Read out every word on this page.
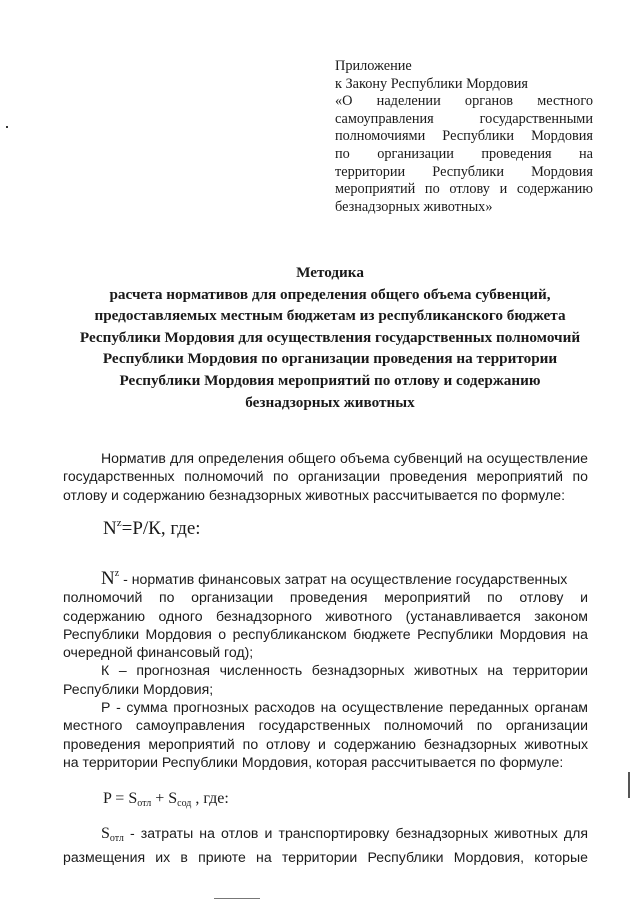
Приложение
к Закону Республики Мордовия
«О наделении органов местного
самоуправления государственными
полномочиями Республики Мордовия
по организации проведения на
территории Республики Мордовия
мероприятий по отлову и содержанию
безнадзорных животных»
Методика
расчета нормативов для определения общего объема субвенций,
предоставляемых местным бюджетам из республиканского бюджета
Республики Мордовия для осуществления государственных полномочий
Республики Мордовия по организации проведения на территории
Республики Мордовия мероприятий по отлову и содержанию
безнадзорных животных
Норматив для определения общего объема субвенций на осуществление
государственных полномочий по организации проведения мероприятий по
отлову и содержанию безнадзорных животных рассчитывается по формуле:
$N^z=P/К$, где:
$N^z$ - норматив финансовых затрат на осуществление государственных
полномочий по организации проведения мероприятий по отлову и
содержанию одного безнадзорного животного (устанавливается законом
Республики Мордовия о республиканском бюджете Республики Мордовия на
очередной финансовый год);
К – прогнозная численность безнадзорных животных на территории
Республики Мордовия;
Р - сумма прогнозных расходов на осуществление переданных органам
местного самоуправления государственных полномочий по организации
проведения мероприятий по отлову и содержанию безнадзорных животных
на территории Республики Мордовия, которая рассчитывается по формуле:
$P = S_{отл} + S_{сод}$ , где:
$S_{отл}$ - затраты на отлов и транспортировку безнадзорных животных для
размещения их в приюте на территории Республики Мордовия, которые
